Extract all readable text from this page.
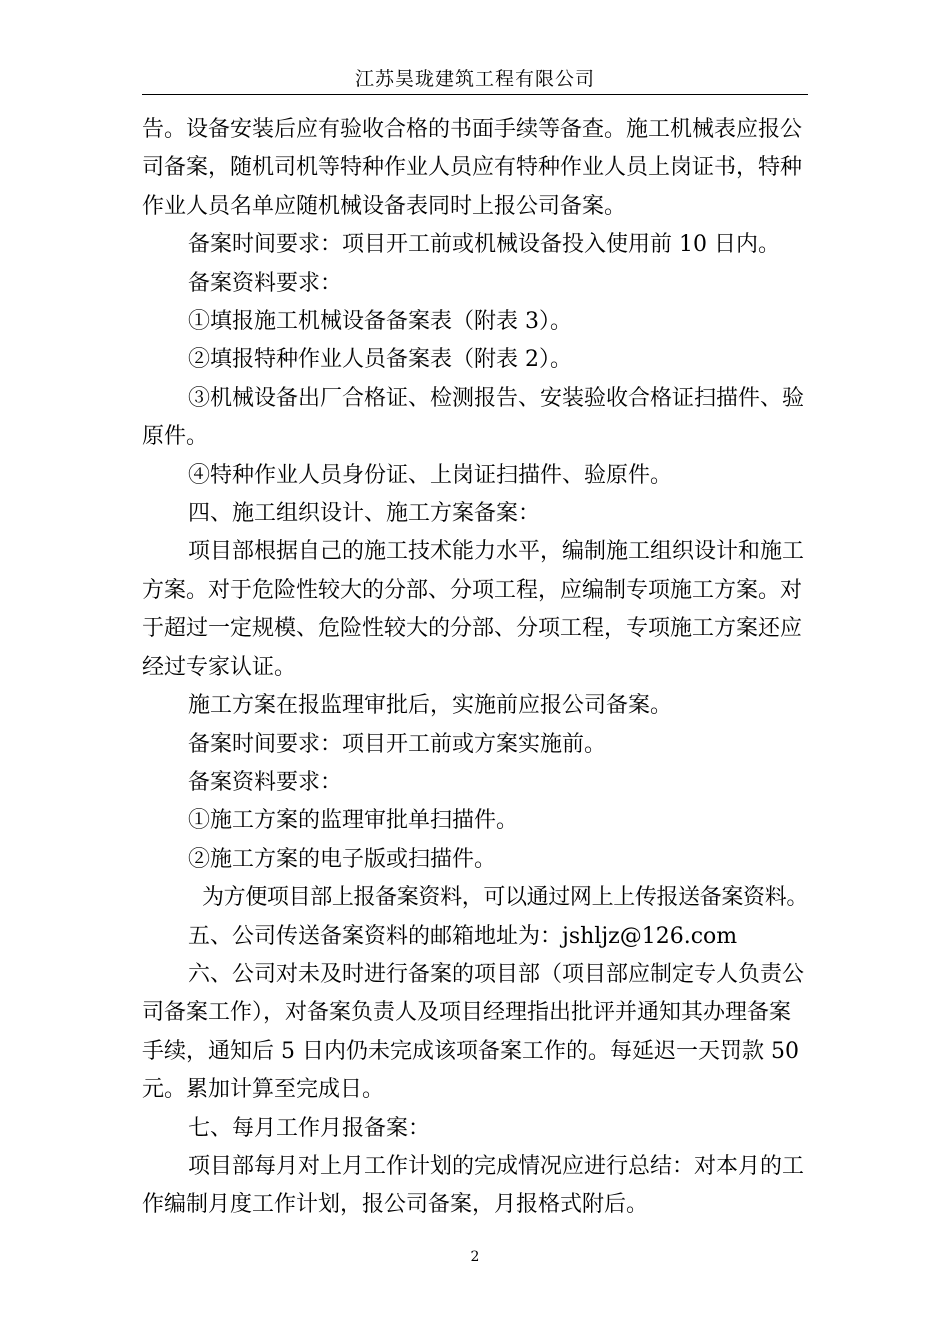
江苏昊珑建筑工程有限公司

告。设备安装后应有验收合格的书面手续等备查。施工机械表应报公

司备案，随机司机等特种作业人员应有特种作业人员上岗证书，特种

作业人员名单应随机械设备表同时上报公司备案。

备案时间要求：项目开工前或机械设备投入使用前 10 日内。

备案资料要求：

①填报施工机械设备备案表（附表 3）。

②填报特种作业人员备案表（附表 2）。

③机械设备出厂合格证、检测报告、安装验收合格证扫描件、验

原件。

④特种作业人员身份证、上岗证扫描件、验原件。

四、施工组织设计、施工方案备案：

项目部根据自己的施工技术能力水平，编制施工组织设计和施工

方案。对于危险性较大的分部、分项工程，应编制专项施工方案。对

于超过一定规模、危险性较大的分部、分项工程，专项施工方案还应

经过专家认证。

施工方案在报监理审批后，实施前应报公司备案。

备案时间要求：项目开工前或方案实施前。

备案资料要求：

①施工方案的监理审批单扫描件。

②施工方案的电子版或扫描件。

为方便项目部上报备案资料，可以通过网上上传报送备案资料。

五、公司传送备案资料的邮箱地址为：jshljz@126.com

六、公司对未及时进行备案的项目部（项目部应制定专人负责公

司备案工作），对备案负责人及项目经理指出批评并通知其办理备案

手续，通知后 5 日内仍未完成该项备案工作的。每延迟一天罚款 50

元。累加计算至完成日。

七、每月工作月报备案：

项目部每月对上月工作计划的完成情况应进行总结：对本月的工

作编制月度工作计划，报公司备案，月报格式附后。

2
